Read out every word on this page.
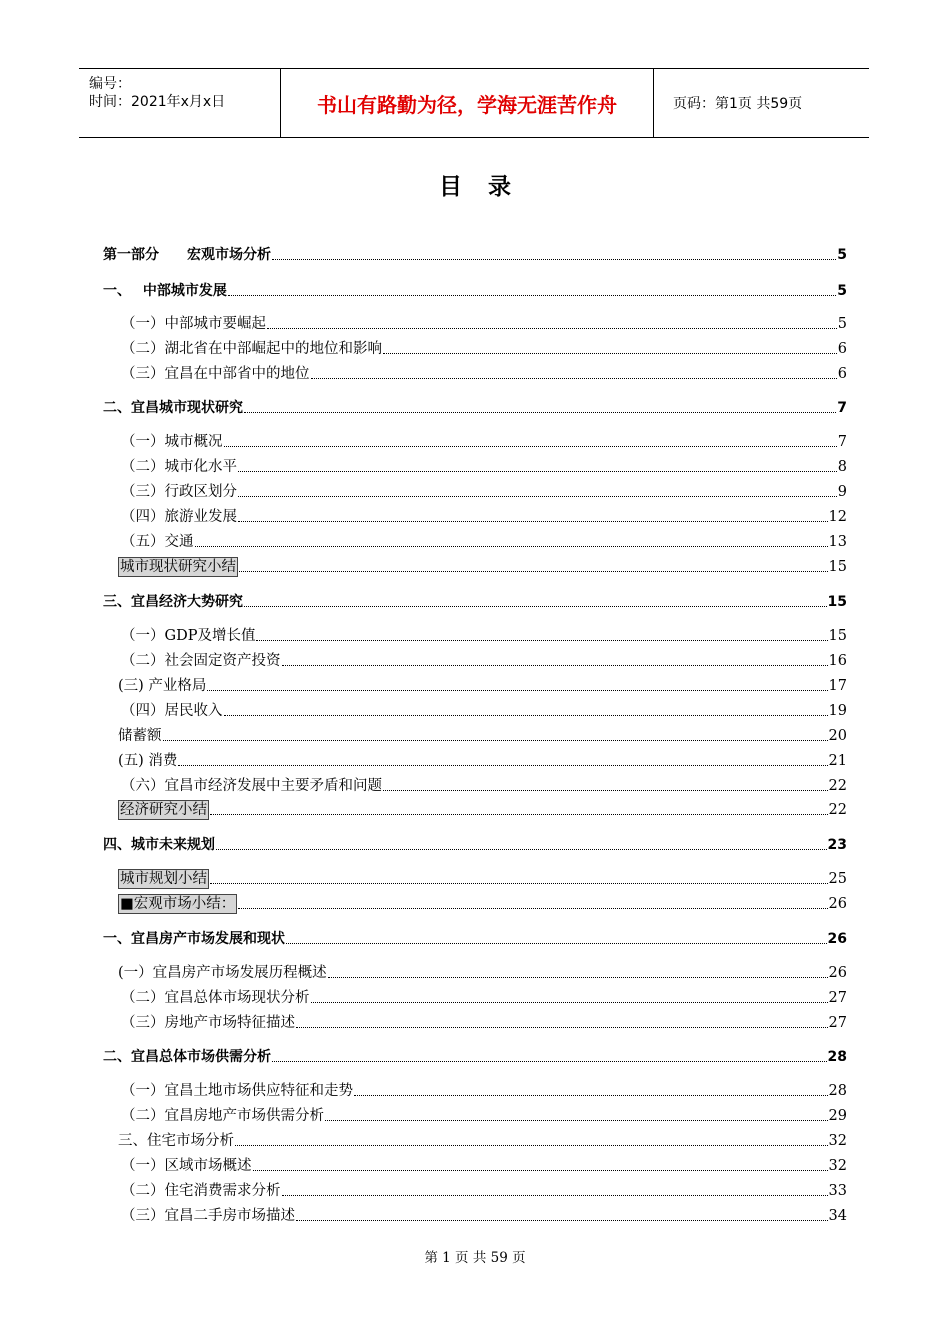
编号：
时间：2021年x月x日	书山有路勤为径，学海无涯苦作舟	页码：第1页 共59页
目录
第一部分　　宏观市场分析	5
一、　 中部城市发展	5
（一）中部城市要崛起	5
（二）湖北省在中部崛起中的地位和影响	6
（三）宜昌在中部省中的地位	6
二、宜昌城市现状研究	7
（一）城市概况	7
（二）城市化水平	8
（三）行政区划分	9
（四）旅游业发展	12
（五）交通	13
城市现状研究小结	15
三、宜昌经济大势研究	15
（一）GDP及增长值	15
（二）社会固定资产投资	16
(三) 产业格局	17
（四）居民收入	19
储蓄额	20
(五) 消费	21
（六）宜昌市经济发展中主要矛盾和问题	22
经济研究小结	22
四、城市未来规划	23
城市规划小结	25
■宏观市场小结：	26
一、宜昌房产市场发展和现状	26
(一）宜昌房产市场发展历程概述	26
（二）宜昌总体市场现状分析	27
（三）房地产市场特征描述	27
二、宜昌总体市场供需分析	28
（一）宜昌土地市场供应特征和走势	28
（二）宜昌房地产市场供需分析	29
三、住宅市场分析	32
（一）区域市场概述	32
（二）住宅消费需求分析	33
（三）宜昌二手房市场描述	34
第 1 页 共 59 页
